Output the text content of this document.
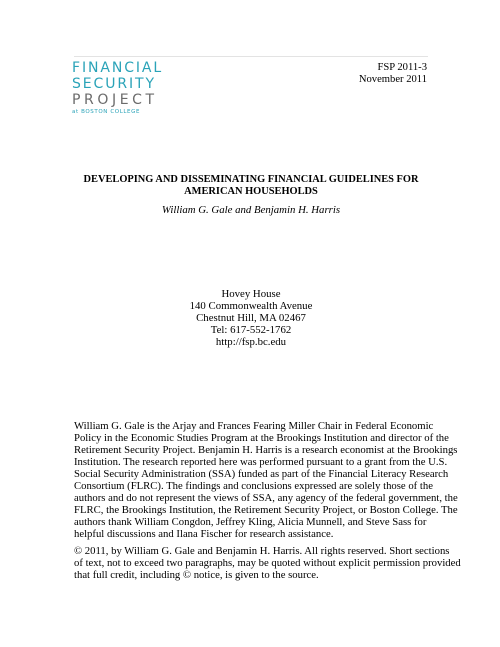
FINANCIAL
SECURITY
PROJECT
at BOSTON COLLEGE
FSP 2011-3
November 2011
DEVELOPING AND DISSEMINATING FINANCIAL GUIDELINES FOR
AMERICAN HOUSEHOLDS
William G. Gale and Benjamin H. Harris
Hovey House
140 Commonwealth Avenue
Chestnut Hill, MA 02467
Tel: 617-552-1762
http://fsp.bc.edu
William G. Gale is the Arjay and Frances Fearing Miller Chair in Federal Economic
Policy in the Economic Studies Program at the Brookings Institution and director of the
Retirement Security Project. Benjamin H. Harris is a research economist at the Brookings
Institution. The research reported here was performed pursuant to a grant from the U.S.
Social Security Administration (SSA) funded as part of the Financial Literacy Research
Consortium (FLRC). The findings and conclusions expressed are solely those of the
authors and do not represent the views of SSA, any agency of the federal government, the
FLRC, the Brookings Institution, the Retirement Security Project, or Boston College. The
authors thank William Congdon, Jeffrey Kling, Alicia Munnell, and Steve Sass for
helpful discussions and Ilana Fischer for research assistance.
© 2011, by William G. Gale and Benjamin H. Harris. All rights reserved. Short sections
of text, not to exceed two paragraphs, may be quoted without explicit permission provided
that full credit, including © notice, is given to the source.
